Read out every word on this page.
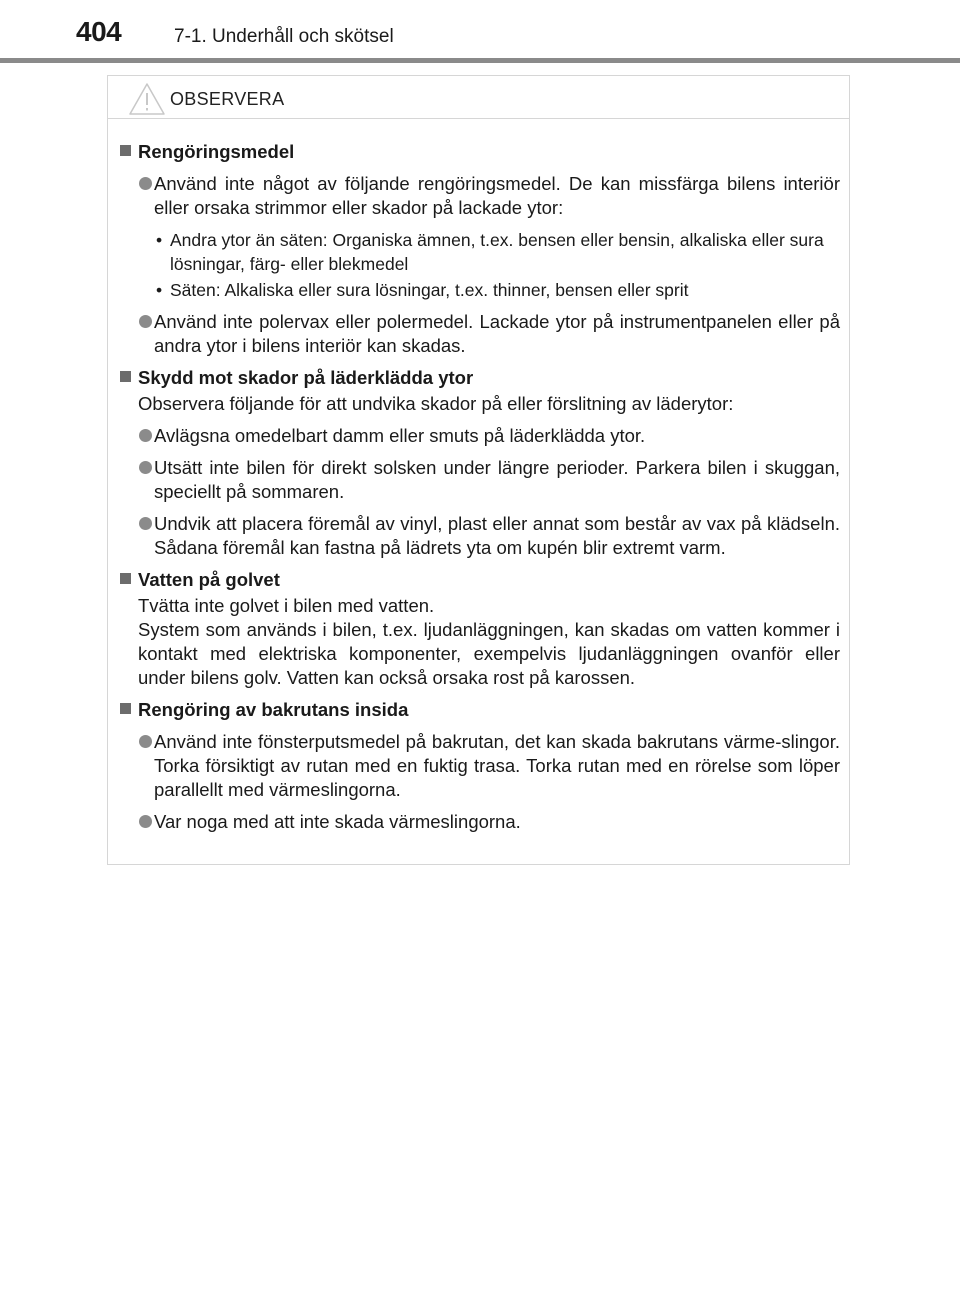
404	7-1. Underhåll och skötsel
OBSERVERA
Rengöringsmedel
Använd inte något av följande rengöringsmedel. De kan missfärga bilens interiör eller orsaka strimmor eller skador på lackade ytor:
• Andra ytor än säten: Organiska ämnen, t.ex. bensen eller bensin, alkaliska eller sura lösningar, färg- eller blekmedel
• Säten: Alkaliska eller sura lösningar, t.ex. thinner, bensen eller sprit
Använd inte polervax eller polermedel. Lackade ytor på instrumentpanelen eller på andra ytor i bilens interiör kan skadas.
Skydd mot skador på läderklädda ytor
Observera följande för att undvika skador på eller förslitning av läderytor:
Avlägsna omedelbart damm eller smuts på läderklädda ytor.
Utsätt inte bilen för direkt solsken under längre perioder. Parkera bilen i skuggan, speciellt på sommaren.
Undvik att placera föremål av vinyl, plast eller annat som består av vax på klädseln. Sådana föremål kan fastna på lädrets yta om kupén blir extremt varm.
Vatten på golvet
Tvätta inte golvet i bilen med vatten.
System som används i bilen, t.ex. ljudanläggningen, kan skadas om vatten kommer i kontakt med elektriska komponenter, exempelvis ljudanläggningen ovanför eller under bilens golv. Vatten kan också orsaka rost på karossen.
Rengöring av bakrutans insida
Använd inte fönsterputsmedel på bakrutan, det kan skada bakrutans värme-slingor. Torka försiktigt av rutan med en fuktig trasa. Torka rutan med en rörelse som löper parallellt med värmeslingorna.
Var noga med att inte skada värmeslingorna.
